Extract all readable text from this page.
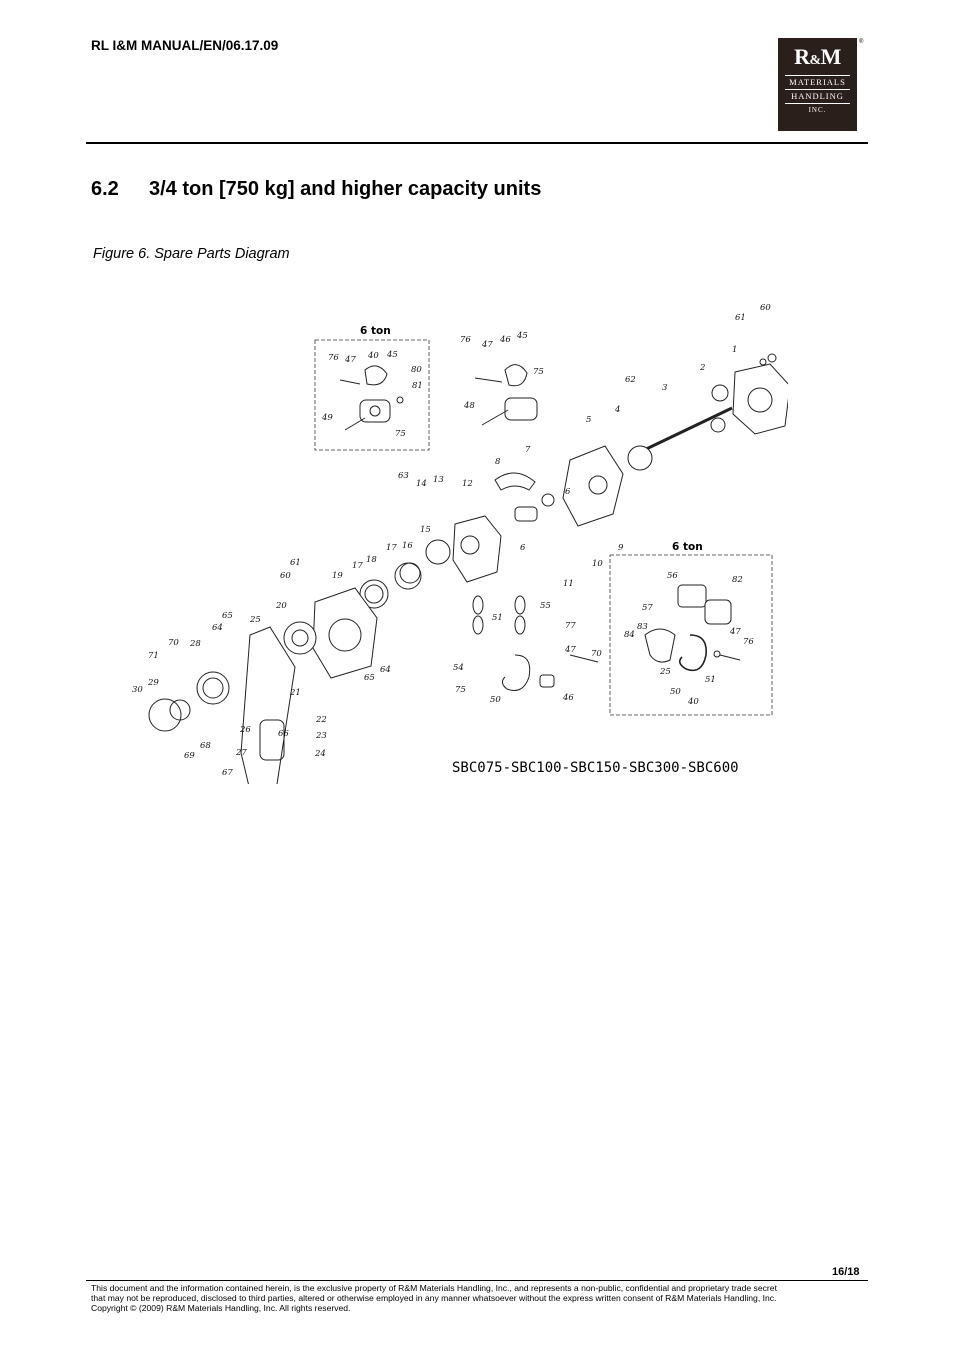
RL I&M MANUAL/EN/06.17.09	R&M
MATERIALS
HANDLING
INC.
®
6.2 3/4 ton [750 kg] and higher capacity units
Figure 6. Spare Parts Diagram
6 ton
6 ton
61
60
1
2
3
62
4
5
76 47 46 45
75
48
76 47 40 45
80
81
49
75
63
14 13 12
8
7
6
6	9
10
11
15
16
17
18
17
19
61
60
20
65
64
25
28
70
71
29
30
26
27
66
68
69
67
21
22
23
24
65
64
51
55
77
47 70
54
75
50	46
56	82
57
83
84	47
76
25
50
40
51
SBC075-SBC100-SBC150-SBC300-SBC600
16/18
This document and the information contained herein, is the exclusive property of R&M Materials Handling, Inc., and represents a non-public, confidential and proprietary trade secret
that may not be reproduced, disclosed to third parties, altered or otherwise employed in any manner whatsoever without the express written consent of R&M Materials Handling, Inc.
Copyright © (2009) R&M Materials Handling, Inc. All rights reserved.
